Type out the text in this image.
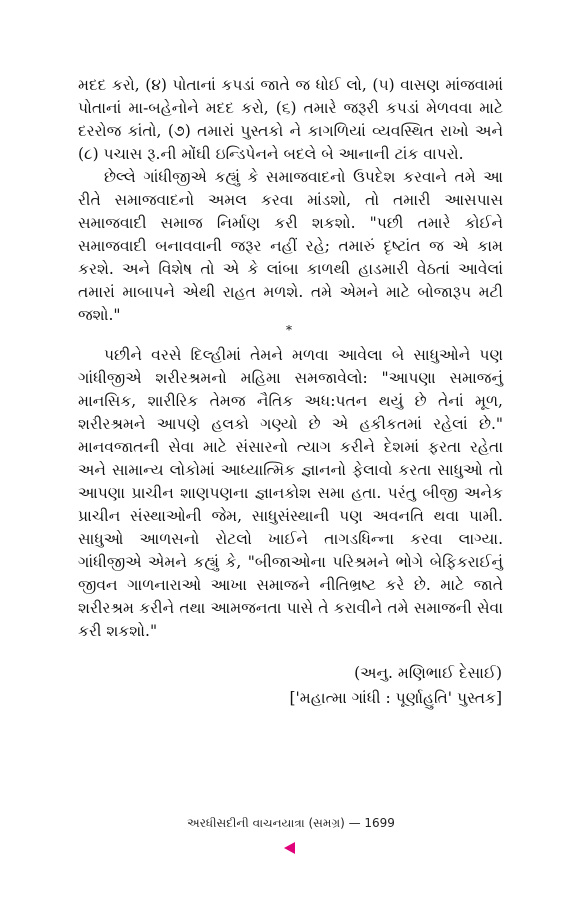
મદદ કરો, (૪) પોતાનાં કપડાં જાતે જ ધોઈ લો, (૫) વાસણ માંજવામાં પોતાનાં મા-બહેનોને મદદ કરો, (૬) તમારે જરૂરી કપડાં મેળવવા માટે દરરોજ કાંતો, (૭) તમારાં પુસ્તકો ને કાગળિયાં વ્યવસ્થિત રાખો અને (૮) પચાસ રૂ.ની મોંઘી ઇન્ડિપેનને બદલે બે આનાની ટાંક વાપરો.

છેલ્લે ગાંધીજીએ કહ્યું કે સમાજવાદનો ઉપદેશ કરવાને તમે આ રીતે સમાજવાદનો અમલ કરવા માંડશો, તો તમારી આસપાસ સમાજવાદી સમાજ નિર્માણ કરી શકશો. "પછી તમારે કોઈને સમાજવાદી બનાવવાની જરૂર નહીં રહે; તમારું દૃષ્ટાંત જ એ કામ કરશે. અને વિશેષ તો એ કે લાંબા કાળથી હાડમારી વેઠતાં આવેલાં તમારાં માબાપને એથી રાહત મળશે. તમે એમને માટે બોજારૂપ મટી જશો."

*

પછીને વરસે દિલ્હીમાં તેમને મળવા આવેલા બે સાધુઓને પણ ગાંધીજીએ શરીરશ્રમનો મહિમા સમજાવેલો: "આપણા સમાજનું માનસિક, શારીરિક તેમજ નૈતિક અધ:પતન થયું છે તેનાં મૂળ, શરીરશ્રમને આપણે હલકો ગણ્યો છે એ હકીકતમાં રહેલાં છે." માનવજાતની સેવા માટે સંસારનો ત્યાગ કરીને દેશમાં ફરતા રહેતા અને સામાન્ય લોકોમાં આધ્યાત્મિક જ્ઞાનનો ફેલાવો કરતા સાધુઓ તો આપણા પ્રાચીન શાણપણના જ્ઞાનકોશ સમા હતા. પરંતુ બીજી અનેક પ્રાચીન સંસ્થાઓની જેમ, સાધુસંસ્થાની પણ અવનતિ થવા પામી. સાધુઓ આળસનો રોટલો ખાઈને તાગડધિન્ના કરવા લાગ્યા. ગાંધીજીએ એમને કહ્યું કે, "બીજાઓના પરિશ્રમને ભોગે બેફિકરાઈનું જીવન ગાળનારાઓ આખા સમાજને નીતિભ્રષ્ટ કરે છે. માટે જાતે શરીરશ્રમ કરીને તથા આમજનતા પાસે તે કરાવીને તમે સમાજની સેવા કરી શકશો."

(અનુ. મણિભાઈ દેસાઈ)
['મહાત્મા ગાંધી : પૂર્ણાહુતિ' પુસ્તક]
અરધીસદીની વાચનયાત્રા (સમગ્ર) — 1699
